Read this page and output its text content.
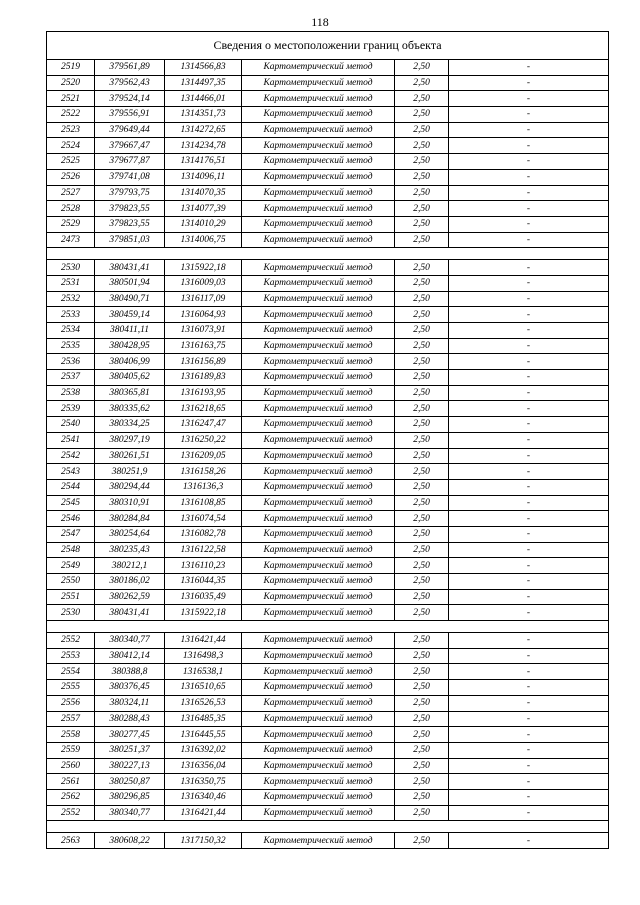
118
Сведения о местоположении границ объекта					
2519	379561,89	1314566,83	Картометрический метод	2,50	-
2520	379562,43	1314497,35	Картометрический метод	2,50	-
2521	379524,14	1314466,01	Картометрический метод	2,50	-
2522	379556,91	1314351,73	Картометрический метод	2,50	-
2523	379649,44	1314272,65	Картометрический метод	2,50	-
2524	379667,47	1314234,78	Картометрический метод	2,50	-
2525	379677,87	1314176,51	Картометрический метод	2,50	-
2526	379741,08	1314096,11	Картометрический метод	2,50	-
2527	379793,75	1314070,35	Картометрический метод	2,50	-
2528	379823,55	1314077,39	Картометрический метод	2,50	-
2529	379823,55	1314010,29	Картометрический метод	2,50	-
2473	379851,03	1314006,75	Картометрический метод	2,50	-

2530	380431,41	1315922,18	Картометрический метод	2,50	-
2531	380501,94	1316009,03	Картометрический метод	2,50	-
2532	380490,71	1316117,09	Картометрический метод	2,50	-
2533	380459,14	1316064,93	Картометрический метод	2,50	-
2534	380411,11	1316073,91	Картометрический метод	2,50	-
2535	380428,95	1316163,75	Картометрический метод	2,50	-
2536	380406,99	1316156,89	Картометрический метод	2,50	-
2537	380405,62	1316189,83	Картометрический метод	2,50	-
2538	380365,81	1316193,95	Картометрический метод	2,50	-
2539	380335,62	1316218,65	Картометрический метод	2,50	-
2540	380334,25	1316247,47	Картометрический метод	2,50	-
2541	380297,19	1316250,22	Картометрический метод	2,50	-
2542	380261,51	1316209,05	Картометрический метод	2,50	-
2543	380251,9	1316158,26	Картометрический метод	2,50	-
2544	380294,44	1316136,3	Картометрический метод	2,50	-
2545	380310,91	1316108,85	Картометрический метод	2,50	-
2546	380284,84	1316074,54	Картометрический метод	2,50	-
2547	380254,64	1316082,78	Картометрический метод	2,50	-
2548	380235,43	1316122,58	Картометрический метод	2,50	-
2549	380212,1	1316110,23	Картометрический метод	2,50	-
2550	380186,02	1316044,35	Картометрический метод	2,50	-
2551	380262,59	1316035,49	Картометрический метод	2,50	-
2530	380431,41	1315922,18	Картометрический метод	2,50	-

2552	380340,77	1316421,44	Картометрический метод	2,50	-
2553	380412,14	1316498,3	Картометрический метод	2,50	-
2554	380388,8	1316538,1	Картометрический метод	2,50	-
2555	380376,45	1316510,65	Картометрический метод	2,50	-
2556	380324,11	1316526,53	Картометрический метод	2,50	-
2557	380288,43	1316485,35	Картометрический метод	2,50	-
2558	380277,45	1316445,55	Картометрический метод	2,50	-
2559	380251,37	1316392,02	Картометрический метод	2,50	-
2560	380227,13	1316356,04	Картометрический метод	2,50	-
2561	380250,87	1316350,75	Картометрический метод	2,50	-
2562	380296,85	1316340,46	Картометрический метод	2,50	-
2552	380340,77	1316421,44	Картометрический метод	2,50	-

2563	380608,22	1317150,32	Картометрический метод	2,50	-
